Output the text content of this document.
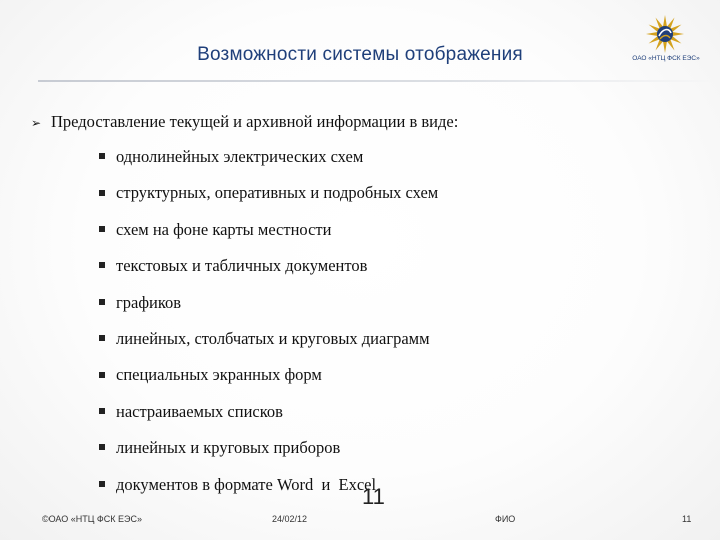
Возможности системы отображения	ОАО «НТЦ ФСК ЕЭС»
➢ Предоставление текущей и архивной информации в виде:
однолинейных электрических схем
структурных, оперативных и подробных схем
схем на фоне карты местности
текстовых и табличных документов
графиков
линейных, столбчатых и круговых диаграмм
специальных экранных форм
настраиваемых списков
линейных и круговых приборов
документов в формате Word  и  Excel
©ОАО «НТЦ ФСК ЕЭС»	24/02/12
11
ФИО	11
